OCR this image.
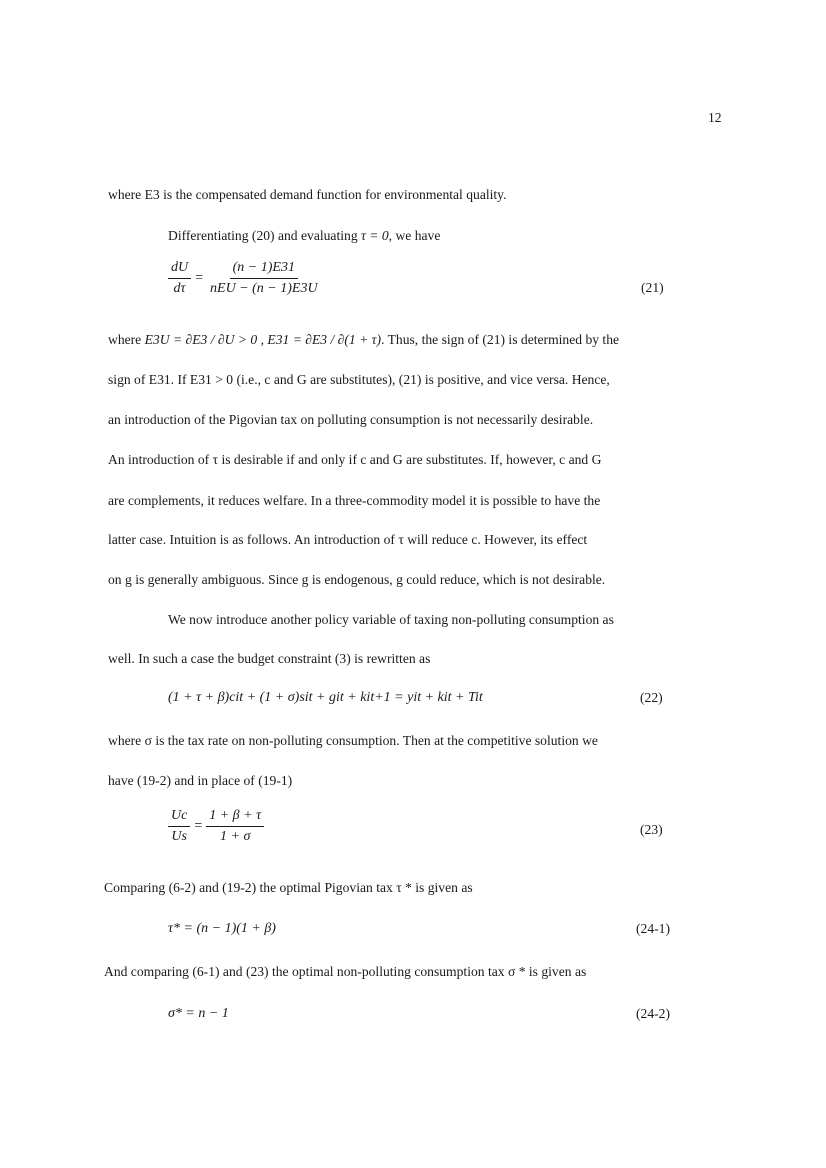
12
where E3 is the compensated demand function for environmental quality.
Differentiating (20) and evaluating τ = 0, we have
$\frac{dU}{d\tau} = \frac{(n - 1)E31}{\text{nEU − (n − 1)E3U}}$	(21)
where E3U = ∂E3 / ∂U > 0 , E31 = ∂E3 / ∂(1 + τ). Thus, the sign of (21) is determined by the
sign of E31. If E31 > 0 (i.e., c and G are substitutes), (21) is positive, and vice versa. Hence,
an introduction of the Pigovian tax on polluting consumption is not necessarily desirable.
An introduction of τ is desirable if and only if c and G are substitutes. If, however, c and G
are complements, it reduces welfare. In a three-commodity model it is possible to have the
latter case. Intuition is as follows. An introduction of τ will reduce c. However, its effect
on g is generally ambiguous. Since g is endogenous, g could reduce, which is not desirable.
We now introduce another policy variable of taxing non-polluting consumption as
well. In such a case the budget constraint (3) is rewritten as
(1 + τ + β)cit + (1 + σ)sit + git + kit+1 = yit + kit + Tit	(22)
where σ is the tax rate on non-polluting consumption. Then at the competitive solution we
have (19-2) and in place of (19-1)
$\frac{Uc}{Us} = \frac{1 + \beta + \tau}{1 + \sigma}$	(23)
Comparing (6-2) and (19-2) the optimal Pigovian tax τ * is given as
τ* = (n − 1)(1 + β)	(24-1)
And comparing (6-1) and (23) the optimal non-polluting consumption tax σ * is given as
σ* = n − 1	(24-2)
